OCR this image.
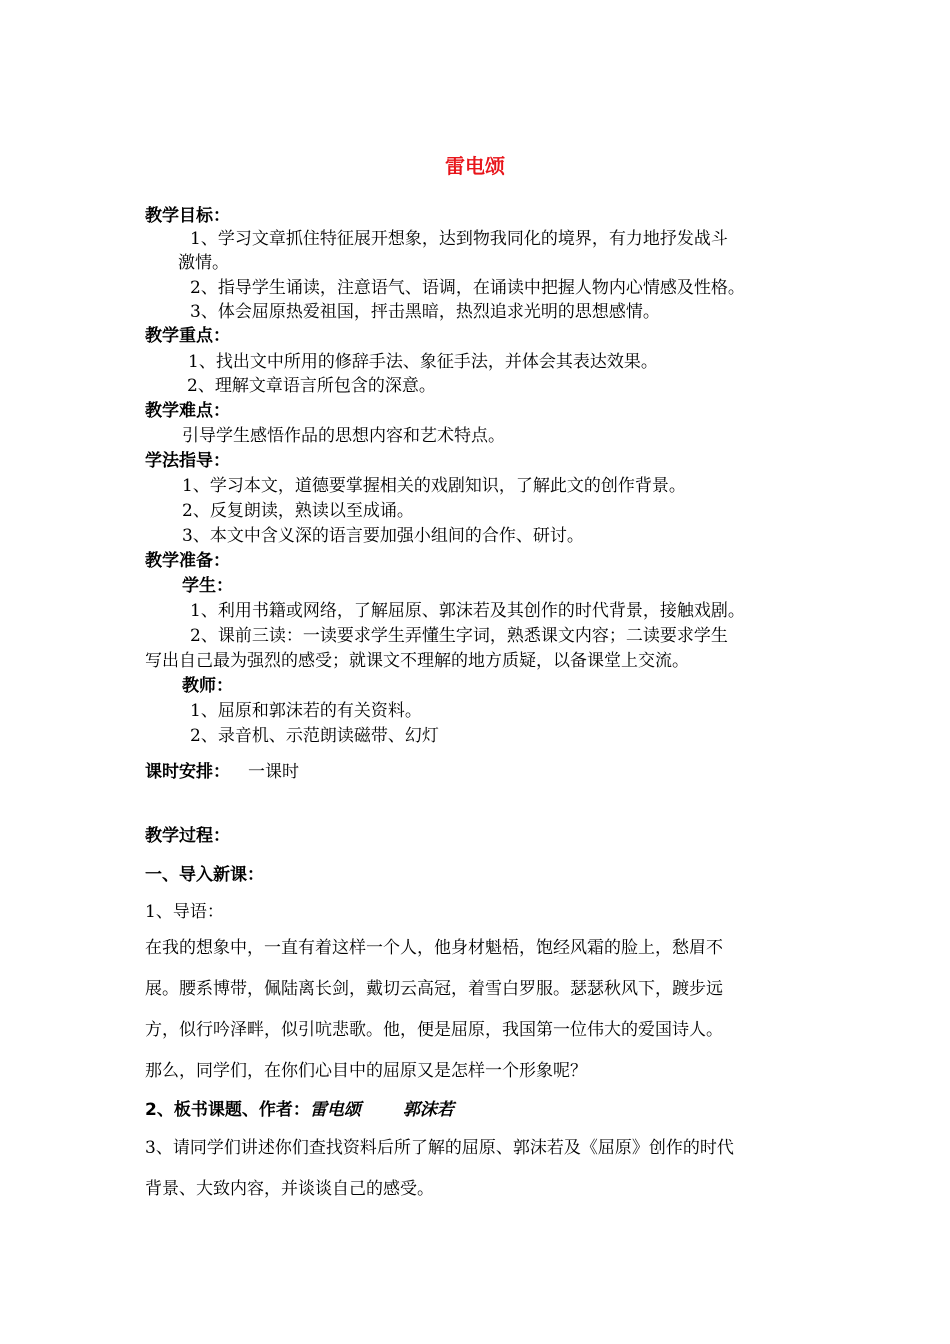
雷电颂
教学目标：
1、学习文章抓住特征展开想象，达到物我同化的境界，有力地抒发战斗
激情。
2、指导学生诵读，注意语气、语调，在诵读中把握人物内心情感及性格。
3、体会屈原热爱祖国，抨击黑暗，热烈追求光明的思想感情。
教学重点：
1、找出文中所用的修辞手法、象征手法，并体会其表达效果。
2、理解文章语言所包含的深意。
教学难点：
引导学生感悟作品的思想内容和艺术特点。
学法指导：
1、学习本文，道德要掌握相关的戏剧知识，了解此文的创作背景。
2、反复朗读，熟读以至成诵。
3、本文中含义深的语言要加强小组间的合作、研讨。
教学准备：
学生：
1、利用书籍或网络，了解屈原、郭沫若及其创作的时代背景，接触戏剧。
2、课前三读：一读要求学生弄懂生字词，熟悉课文内容；二读要求学生
写出自己最为强烈的感受；就课文不理解的地方质疑，以备课堂上交流。
教师：
1、屈原和郭沫若的有关资料。
2、录音机、示范朗读磁带、幻灯
课时安排： 一课时
教学过程：
一、导入新课：
1、导语：
在我的想象中，一直有着这样一个人，他身材魁梧，饱经风霜的脸上，愁眉不
展。腰系博带，佩陆离长剑，戴切云高冠，着雪白罗服。瑟瑟秋风下，踱步远
方，似行吟泽畔，似引吭悲歌。他，便是屈原，我国第一位伟大的爱国诗人。
那么，同学们，在你们心目中的屈原又是怎样一个形象呢？
2、板书课题、作者：雷电颂 郭沫若
3、请同学们讲述你们查找资料后所了解的屈原、郭沫若及《屈原》创作的时代
背景、大致内容，并谈谈自己的感受。
